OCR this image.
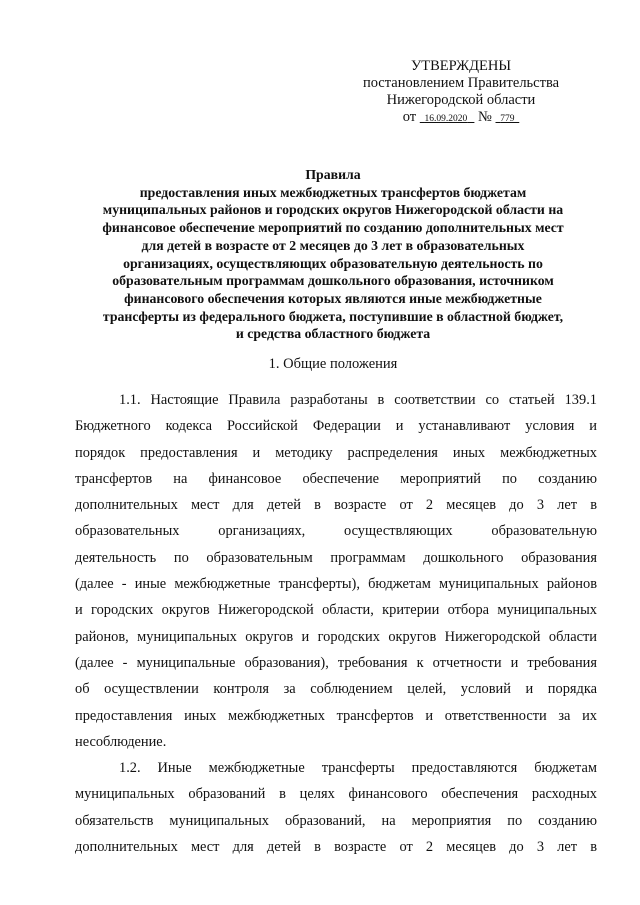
УТВЕРЖДЕНЫ
постановлением Правительства
Нижегородской области
от 16.09.2020 № 779
Правила
предоставления иных межбюджетных трансфертов бюджетам
муниципальных районов и городских округов Нижегородской области на
финансовое обеспечение мероприятий по созданию дополнительных мест
для детей в возрасте от 2 месяцев до 3 лет в образовательных
организациях, осуществляющих образовательную деятельность по
образовательным программам дошкольного образования, источником
финансового обеспечения которых являются иные межбюджетные
трансферты из федерального бюджета, поступившие в областной бюджет,
и средства областного бюджета
1. Общие положения
1.1. Настоящие Правила разработаны в соответствии со статьей 139.1
Бюджетного кодекса Российской Федерации и устанавливают условия и
порядок предоставления и методику распределения иных межбюджетных
трансфертов на финансовое обеспечение мероприятий по созданию
дополнительных мест для детей в возрасте от 2 месяцев до 3 лет в
образовательных организациях, осуществляющих образовательную
деятельность по образовательным программам дошкольного образования
(далее - иные межбюджетные трансферты), бюджетам муниципальных районов
и городских округов Нижегородской области, критерии отбора муниципальных
районов, муниципальных округов и городских округов Нижегородской области
(далее - муниципальные образования), требования к отчетности и требования
об осуществлении контроля за соблюдением целей, условий и порядка
предоставления иных межбюджетных трансфертов и ответственности за их
несоблюдение.
1.2. Иные межбюджетные трансферты предоставляются бюджетам
муниципальных образований в целях финансового обеспечения расходных
обязательств муниципальных образований, на мероприятия по созданию
дополнительных мест для детей в возрасте от 2 месяцев до 3 лет в
